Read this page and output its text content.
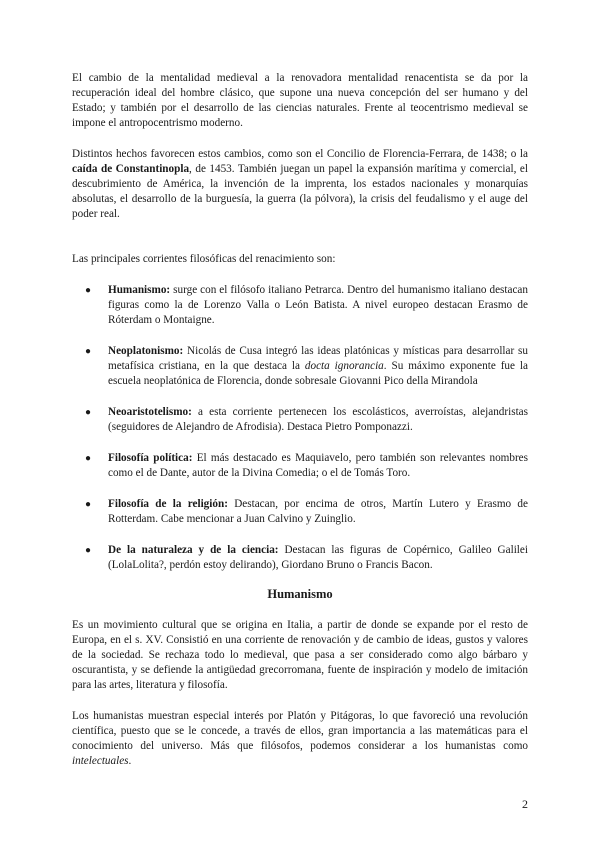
El cambio de la mentalidad medieval a la renovadora mentalidad renacentista se da por la recuperación ideal del hombre clásico, que supone una nueva concepción del ser humano y del Estado; y también por el desarrollo de las ciencias naturales. Frente al teocentrismo medieval se impone el antropocentrismo moderno.

Distintos hechos favorecen estos cambios, como son el Concilio de Florencia-Ferrara, de 1438; o la caída de Constantinopla, de 1453. También juegan un papel la expansión marítima y comercial, el descubrimiento de América, la invención de la imprenta, los estados nacionales y monarquías absolutas, el desarrollo de la burguesía, la guerra (la pólvora), la crisis del feudalismo y el auge del poder real.

Las principales corrientes filosóficas del renacimiento son:

● Humanismo: surge con el filósofo italiano Petrarca. Dentro del humanismo italiano destacan figuras como la de Lorenzo Valla o León Batista. A nivel europeo destacan Erasmo de Róterdam o Montaigne.
● Neoplatonismo: Nicolás de Cusa integró las ideas platónicas y místicas para desarrollar su metafísica cristiana, en la que destaca la docta ignorancia. Su máximo exponente fue la escuela neoplatónica de Florencia, donde sobresale Giovanni Pico della Mirandola
● Neoaristotelismo: a esta corriente pertenecen los escolásticos, averroístas, alejandristas (seguidores de Alejandro de Afrodisia). Destaca Pietro Pomponazzi.
● Filosofía política: El más destacado es Maquiavelo, pero también son relevantes nombres como el de Dante, autor de la Divina Comedia; o el de Tomás Toro.
● Filosofía de la religión: Destacan, por encima de otros, Martín Lutero y Erasmo de Rotterdam. Cabe mencionar a Juan Calvino y Zuinglio.
● De la naturaleza y de la ciencia: Destacan las figuras de Copérnico, Galileo Galilei (LolaLolita?, perdón estoy delirando), Giordano Bruno o Francis Bacon.
Humanismo

Es un movimiento cultural que se origina en Italia, a partir de donde se expande por el resto de Europa, en el s. XV. Consistió en una corriente de renovación y de cambio de ideas, gustos y valores de la sociedad. Se rechaza todo lo medieval, que pasa a ser considerado como algo bárbaro y oscurantista, y se defiende la antigüedad grecorromana, fuente de inspiración y modelo de imitación para las artes, literatura y filosofía.

Los humanistas muestran especial interés por Platón y Pitágoras, lo que favoreció una revolución científica, puesto que se le concede, a través de ellos, gran importancia a las matemáticas para el conocimiento del universo. Más que filósofos, podemos considerar a los humanistas como intelectuales.

2
